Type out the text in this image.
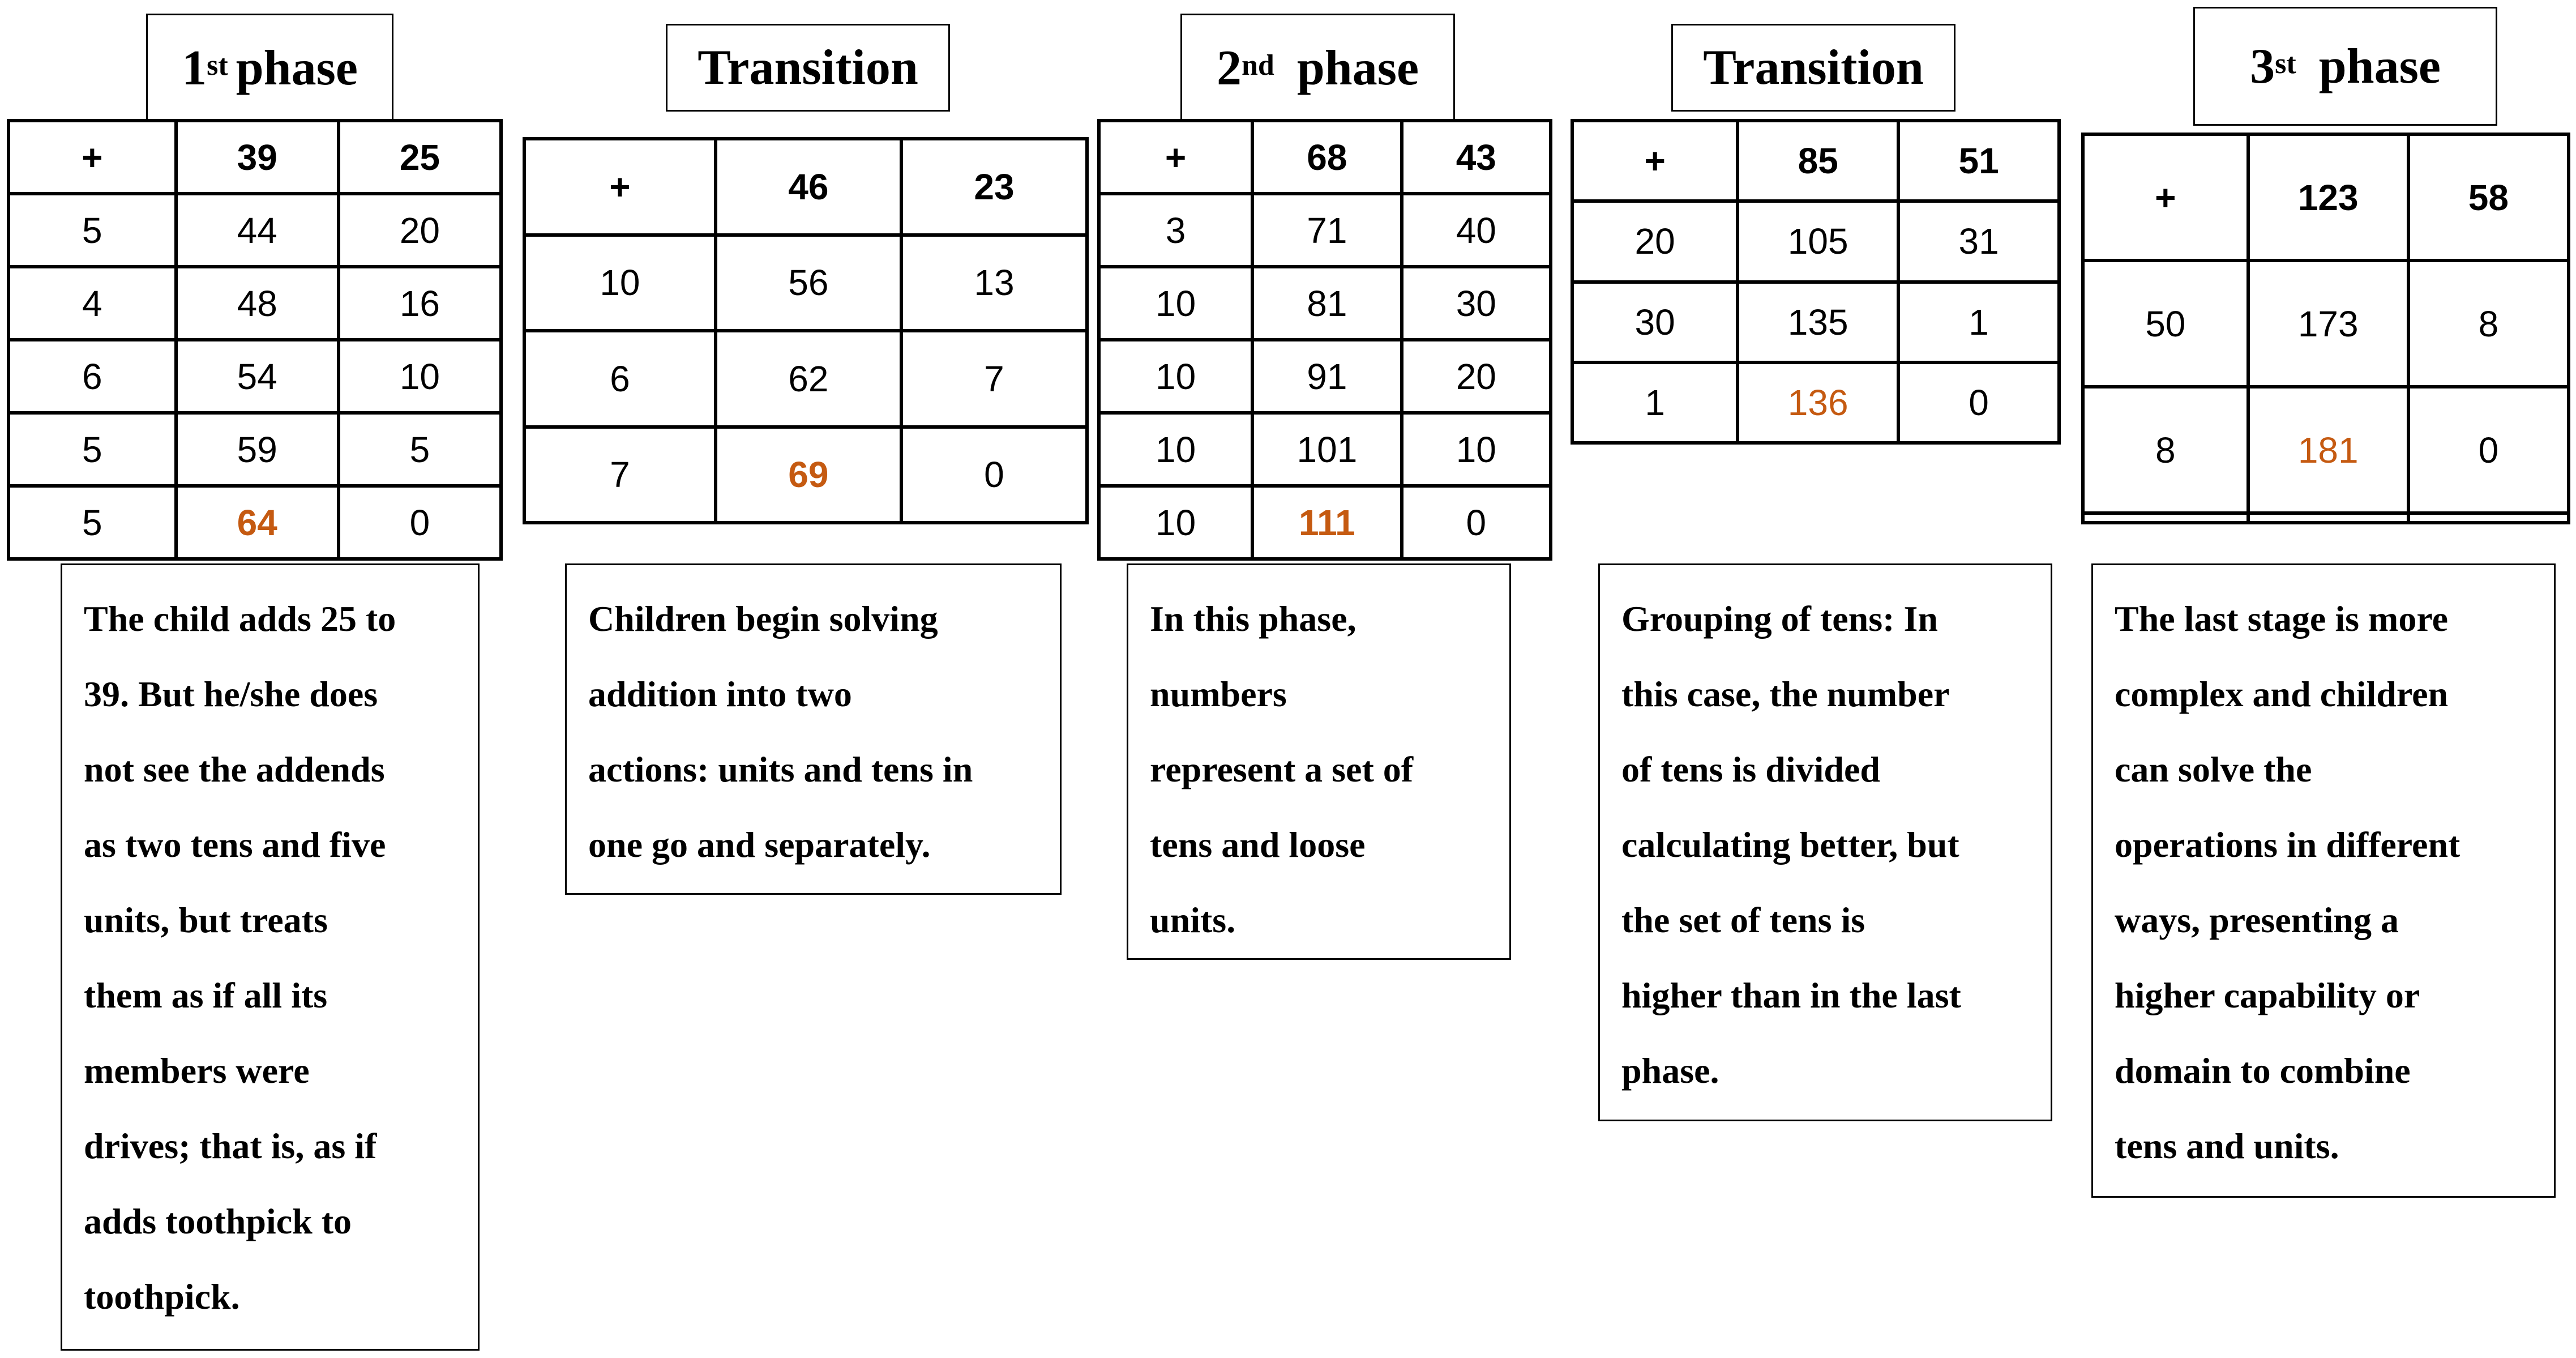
1st phase
+	39	25
5	44	20
4	48	16
6	54	10
5	59	5
5	64	0
The child adds 25 to
39. But he/she does
not see the addends
as two tens and five
units, but treats
them as if all its
members were
drives; that is, as if
adds toothpick to
toothpick.
Transition
+	46	23
10	56	13
6	62	7
7	69	0
Children begin solving
addition into two
actions: units and tens in
one go and separately.
2nd phase
+	68	43
3	71	40
10	81	30
10	91	20
10	101	10
10	111	0
In this phase,
numbers
represent a set of
tens and loose
units.
Transition
+	85	51
20	105	31
30	135	1
1	136	0
Grouping of tens: In
this case, the number
of tens is divided
calculating better, but
the set of tens is
higher than in the last
phase.
3st phase
+	123	58
50	173	8
8	181	0

The last stage is more
complex and children
can solve the
operations in different
ways, presenting a
higher capability or
domain to combine
tens and units.
